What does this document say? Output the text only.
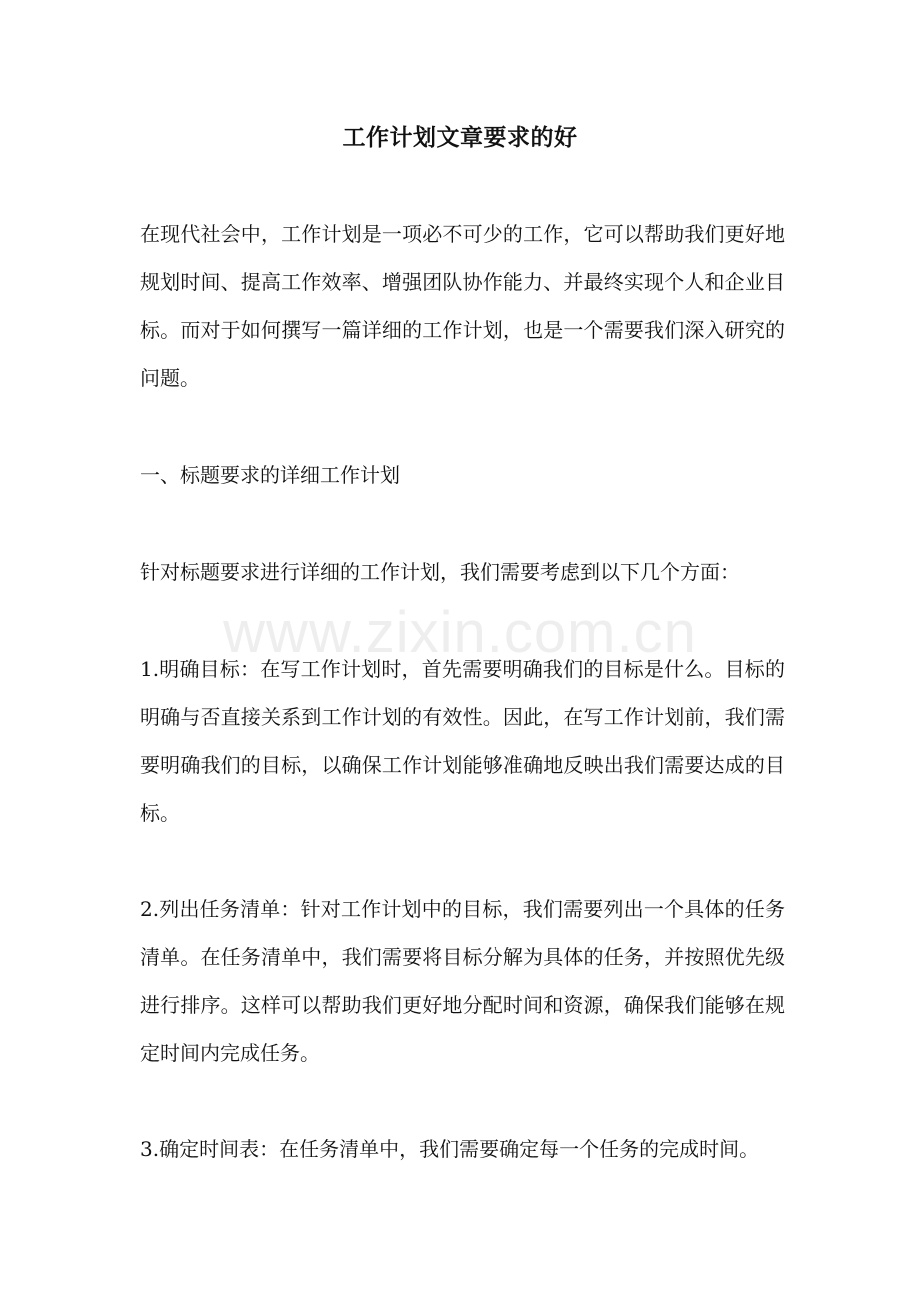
工作计划文章要求的好

在现代社会中，工作计划是一项必不可少的工作，它可以帮助我们更好地规划时间、提高工作效率、增强团队协作能力、并最终实现个人和企业目标。而对于如何撰写一篇详细的工作计划，也是一个需要我们深入研究的问题。

一、标题要求的详细工作计划

针对标题要求进行详细的工作计划，我们需要考虑到以下几个方面：

1.明确目标：在写工作计划时，首先需要明确我们的目标是什么。目标的明确与否直接关系到工作计划的有效性。因此，在写工作计划前，我们需要明确我们的目标，以确保工作计划能够准确地反映出我们需要达成的目标。

2.列出任务清单：针对工作计划中的目标，我们需要列出一个具体的任务清单。在任务清单中，我们需要将目标分解为具体的任务，并按照优先级进行排序。这样可以帮助我们更好地分配时间和资源，确保我们能够在规定时间内完成任务。

3.确定时间表：在任务清单中，我们需要确定每一个任务的完成时间。

www.zixin.com.cn
